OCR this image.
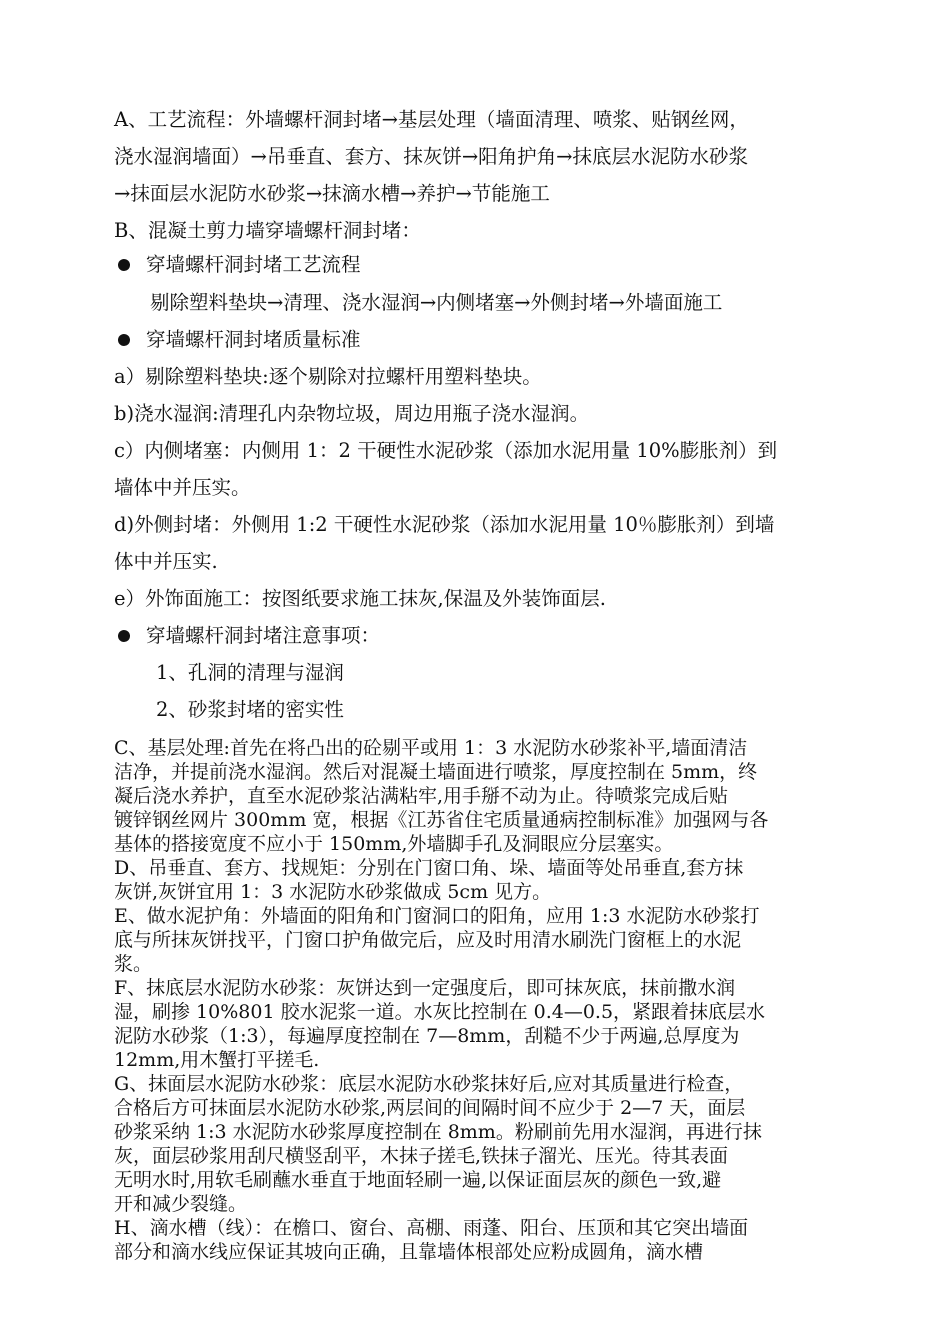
A、工艺流程：外墙螺杆洞封堵→基层处理（墙面清理、喷浆、贴钢丝网，

浇水湿润墙面）→吊垂直、套方、抹灰饼→阳角护角→抹底层水泥防水砂浆

→抹面层水泥防水砂浆→抹滴水槽→养护→节能施工

B、混凝土剪力墙穿墙螺杆洞封堵：

穿墙螺杆洞封堵工艺流程

剔除塑料垫块→清理、浇水湿润→内侧堵塞→外侧封堵→外墙面施工

穿墙螺杆洞封堵质量标准

a）剔除塑料垫块:逐个剔除对拉螺杆用塑料垫块。

b)浇水湿润:清理孔内杂物垃圾，周边用瓶子浇水湿润。

c）内侧堵塞：内侧用 1：2 干硬性水泥砂浆（添加水泥用量 10%膨胀剂）到

墙体中并压实。

d)外侧封堵：外侧用 1:2 干硬性水泥砂浆（添加水泥用量 10％膨胀剂）到墙

体中并压实.

e）外饰面施工：按图纸要求施工抹灰,保温及外装饰面层.

穿墙螺杆洞封堵注意事项：

1、孔洞的清理与湿润

2、砂浆封堵的密实性

C、基层处理:首先在将凸出的砼剔平或用 1：3 水泥防水砂浆补平,墙面清洁

洁净，并提前浇水湿润。然后对混凝土墙面进行喷浆，厚度控制在 5mm，终

凝后浇水养护，直至水泥砂浆沾满粘牢,用手掰不动为止。待喷浆完成后贴

镀锌钢丝网片 300mm 宽，根据《江苏省住宅质量通病控制标准》加强网与各

基体的搭接宽度不应小于 150mm,外墙脚手孔及洞眼应分层塞实。

D、吊垂直、套方、找规矩：分别在门窗口角、垛、墙面等处吊垂直,套方抹

灰饼,灰饼宜用 1：3 水泥防水砂浆做成 5cm 见方。

E、做水泥护角：外墙面的阳角和门窗洞口的阳角，应用 1:3 水泥防水砂浆打

底与所抹灰饼找平，门窗口护角做完后，应及时用清水刷洗门窗框上的水泥

浆。

F、抹底层水泥防水砂浆：灰饼达到一定强度后，即可抹灰底，抹前撒水润

湿，刷掺 10%801 胶水泥浆一道。水灰比控制在 0.4—0.5，紧跟着抹底层水

泥防水砂浆（1:3），每遍厚度控制在 7—8mm，刮糙不少于两遍,总厚度为

12mm,用木蟹打平搓毛.

G、抹面层水泥防水砂浆：底层水泥防水砂浆抹好后,应对其质量进行检查，

合格后方可抹面层水泥防水砂浆,两层间的间隔时间不应少于 2—7 天，面层

砂浆采纳 1:3 水泥防水砂浆厚度控制在 8mm。粉刷前先用水湿润，再进行抹

灰，面层砂浆用刮尺横竖刮平，木抹子搓毛,铁抹子溜光、压光。待其表面

无明水时,用软毛刷蘸水垂直于地面轻刷一遍,以保证面层灰的颜色一致,避

开和减少裂缝。

H、滴水槽（线）：在檐口、窗台、高棚、雨蓬、阳台、压顶和其它突出墙面

部分和滴水线应保证其坡向正确，且靠墙体根部处应粉成圆角，滴水槽
